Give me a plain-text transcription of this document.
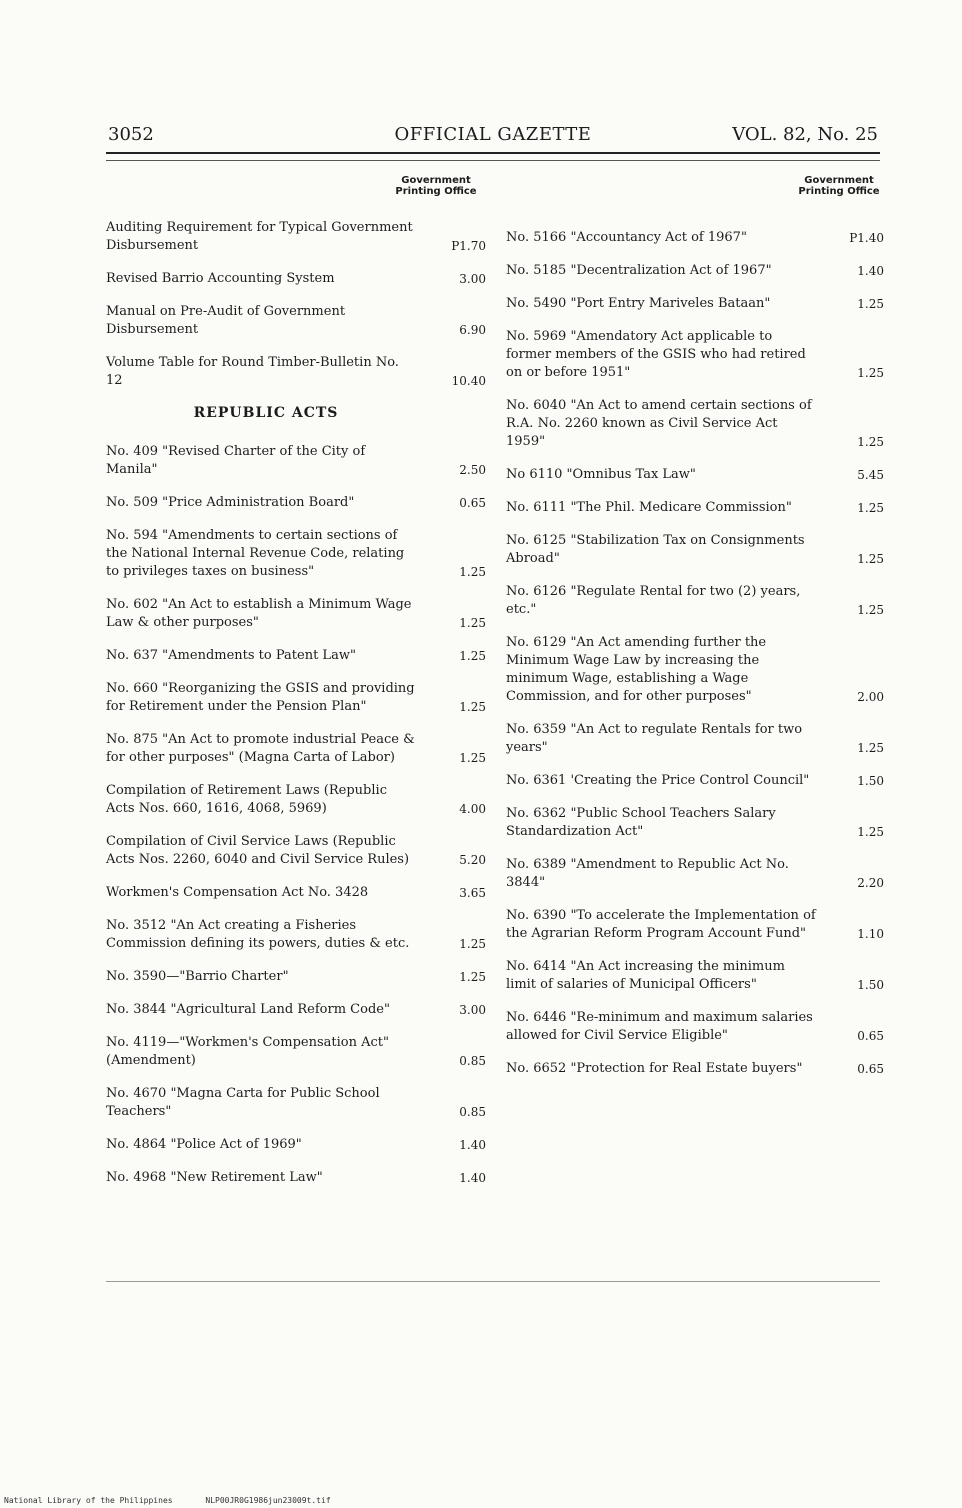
3052	OFFICIAL GAZETTE	VOL. 82, No. 25
Government Printing Office
Auditing Requirement for Typical Government Disbursement	P1.70
Revised Barrio Accounting System	3.00
Manual on Pre-Audit of Government Disbursement	6.90
Volume Table for Round Timber-Bulletin No. 12	10.40
REPUBLIC ACTS
No. 409 "Revised Charter of the City of Manila"	2.50
No. 509 "Price Administration Board"	0.65
No. 594 "Amendments to certain sections of the National Internal Revenue Code, relating to privileges taxes on business"	1.25
No. 602 "An Act to establish a Minimum Wage Law & other purposes"	1.25
No. 637 "Amendments to Patent Law"	1.25
No. 660 "Reorganizing the GSIS and providing for Retirement under the Pension Plan"	1.25
No. 875 "An Act to promote industrial Peace & for other purposes" (Magna Carta of Labor)	1.25
Compilation of Retirement Laws (Republic Acts Nos. 660, 1616, 4068, 5969)	4.00
Compilation of Civil Service Laws (Republic Acts Nos. 2260, 6040 and Civil Service Rules)	5.20
Workmen's Compensation Act No. 3428	3.65
No. 3512 "An Act creating a Fisheries Commission defining its powers, duties & etc.	1.25
No. 3590—"Barrio Charter"	1.25
No. 3844 "Agricultural Land Reform Code"	3.00
No. 4119—"Workmen's Compensation Act" (Amendment)	0.85
No. 4670 "Magna Carta for Public School Teachers"	0.85
No. 4864 "Police Act of 1969"	1.40
No. 4968 "New Retirement Law"	1.40
Government Printing Office
No. 5166 "Accountancy Act of 1967"	P1.40
No. 5185 "Decentralization Act of 1967"	1.40
No. 5490 "Port Entry Mariveles Bataan"	1.25
No. 5969 "Amendatory Act applicable to former members of the GSIS who had retired on or before 1951"	1.25
No. 6040 "An Act to amend certain sections of R.A. No. 2260 known as Civil Service Act 1959"	1.25
No 6110 "Omnibus Tax Law"	5.45
No. 6111 "The Phil. Medicare Commission"	1.25
No. 6125 "Stabilization Tax on Consignments Abroad"	1.25
No. 6126 "Regulate Rental for two (2) years, etc."	1.25
No. 6129 "An Act amending further the Minimum Wage Law by increasing the minimum Wage, establishing a Wage Commission, and for other purposes"	2.00
No. 6359 "An Act to regulate Rentals for two years"	1.25
No. 6361 'Creating the Price Control Council"	1.50
No. 6362 "Public School Teachers Salary Standardization Act"	1.25
No. 6389 "Amendment to Republic Act No. 3844"	2.20
No. 6390 "To accelerate the Implementation of the Agrarian Reform Program Account Fund"	1.10
No. 6414 "An Act increasing the minimum limit of salaries of Municipal Officers"	1.50
No. 6446 "Re-minimum and maximum salaries allowed for Civil Service Eligible"	0.65
No. 6652 "Protection for Real Estate buyers"	0.65
National Library of the Philippines	NLP00JR0G1986jun23009t.tif
